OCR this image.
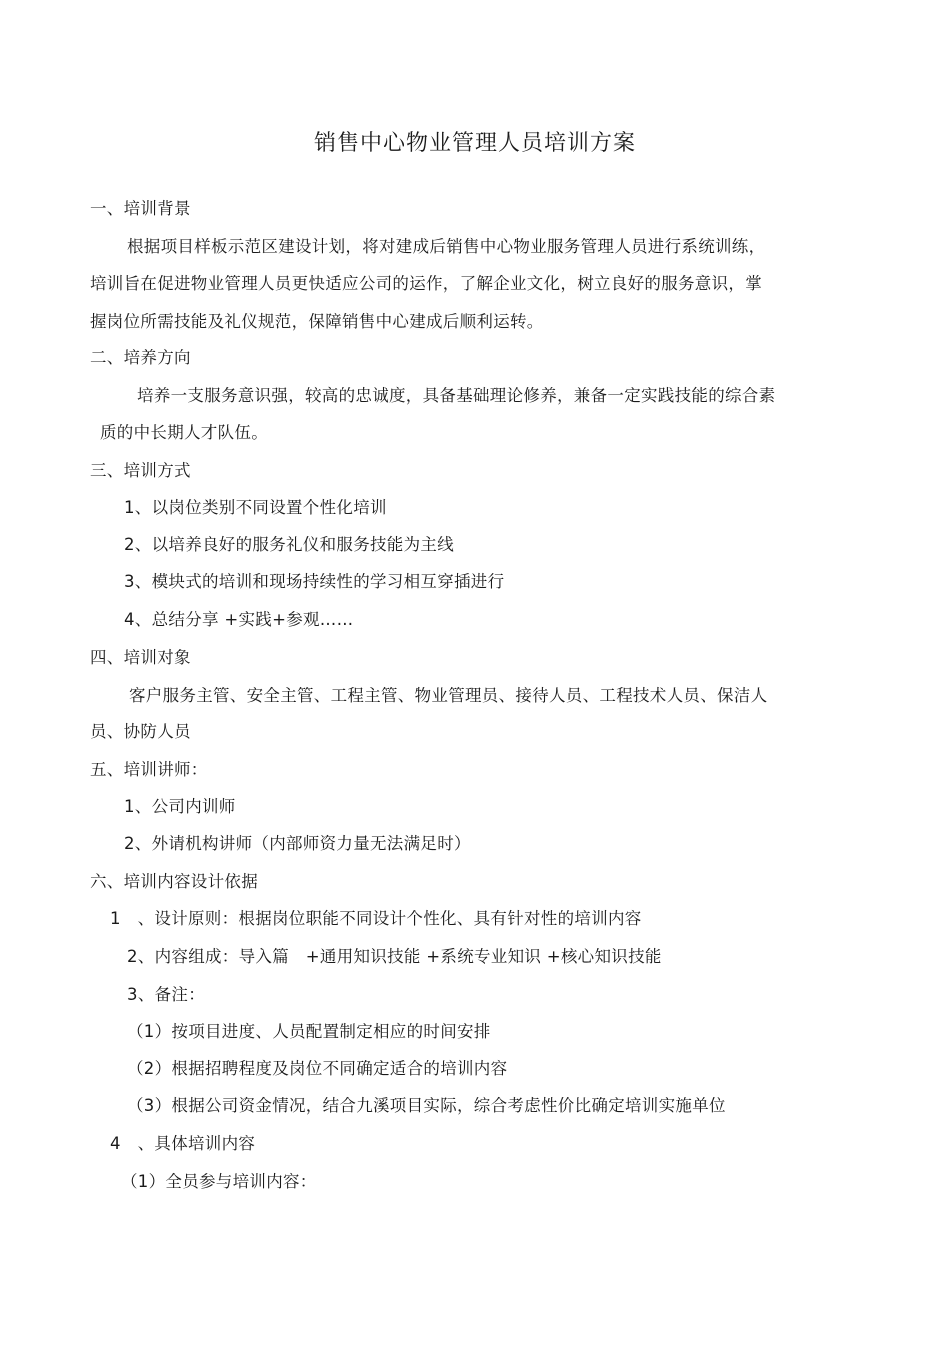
销售中心物业管理人员培训方案
一、培训背景
根据项目样板示范区建设计划，将对建成后销售中心物业服务管理人员进行系统训练，
培训旨在促进物业管理人员更快适应公司的运作，了解企业文化，树立良好的服务意识，掌
握岗位所需技能及礼仪规范，保障销售中心建成后顺利运转。
二、培养方向
培养一支服务意识强，较高的忠诚度，具备基础理论修养，兼备一定实践技能的综合素
质的中长期人才队伍。
三、培训方式
1、以岗位类别不同设置个性化培训
2、以培养良好的服务礼仪和服务技能为主线
3、模块式的培训和现场持续性的学习相互穿插进行
4、总结分享 +实践+参观……
四、培训对象
客户服务主管、安全主管、工程主管、物业管理员、接待人员、工程技术人员、保洁人
员、协防人员
五、培训讲师：
1、公司内训师
2、外请机构讲师（内部师资力量无法满足时）
六、培训内容设计依据
1　、设计原则：根据岗位职能不同设计个性化、具有针对性的培训内容
2、内容组成：导入篇　+通用知识技能 +系统专业知识 +核心知识技能
3、备注：
（1）按项目进度、人员配置制定相应的时间安排
（2）根据招聘程度及岗位不同确定适合的培训内容
（3）根据公司资金情况，结合九溪项目实际，综合考虑性价比确定培训实施单位
4　、具体培训内容
（1）全员参与培训内容：
